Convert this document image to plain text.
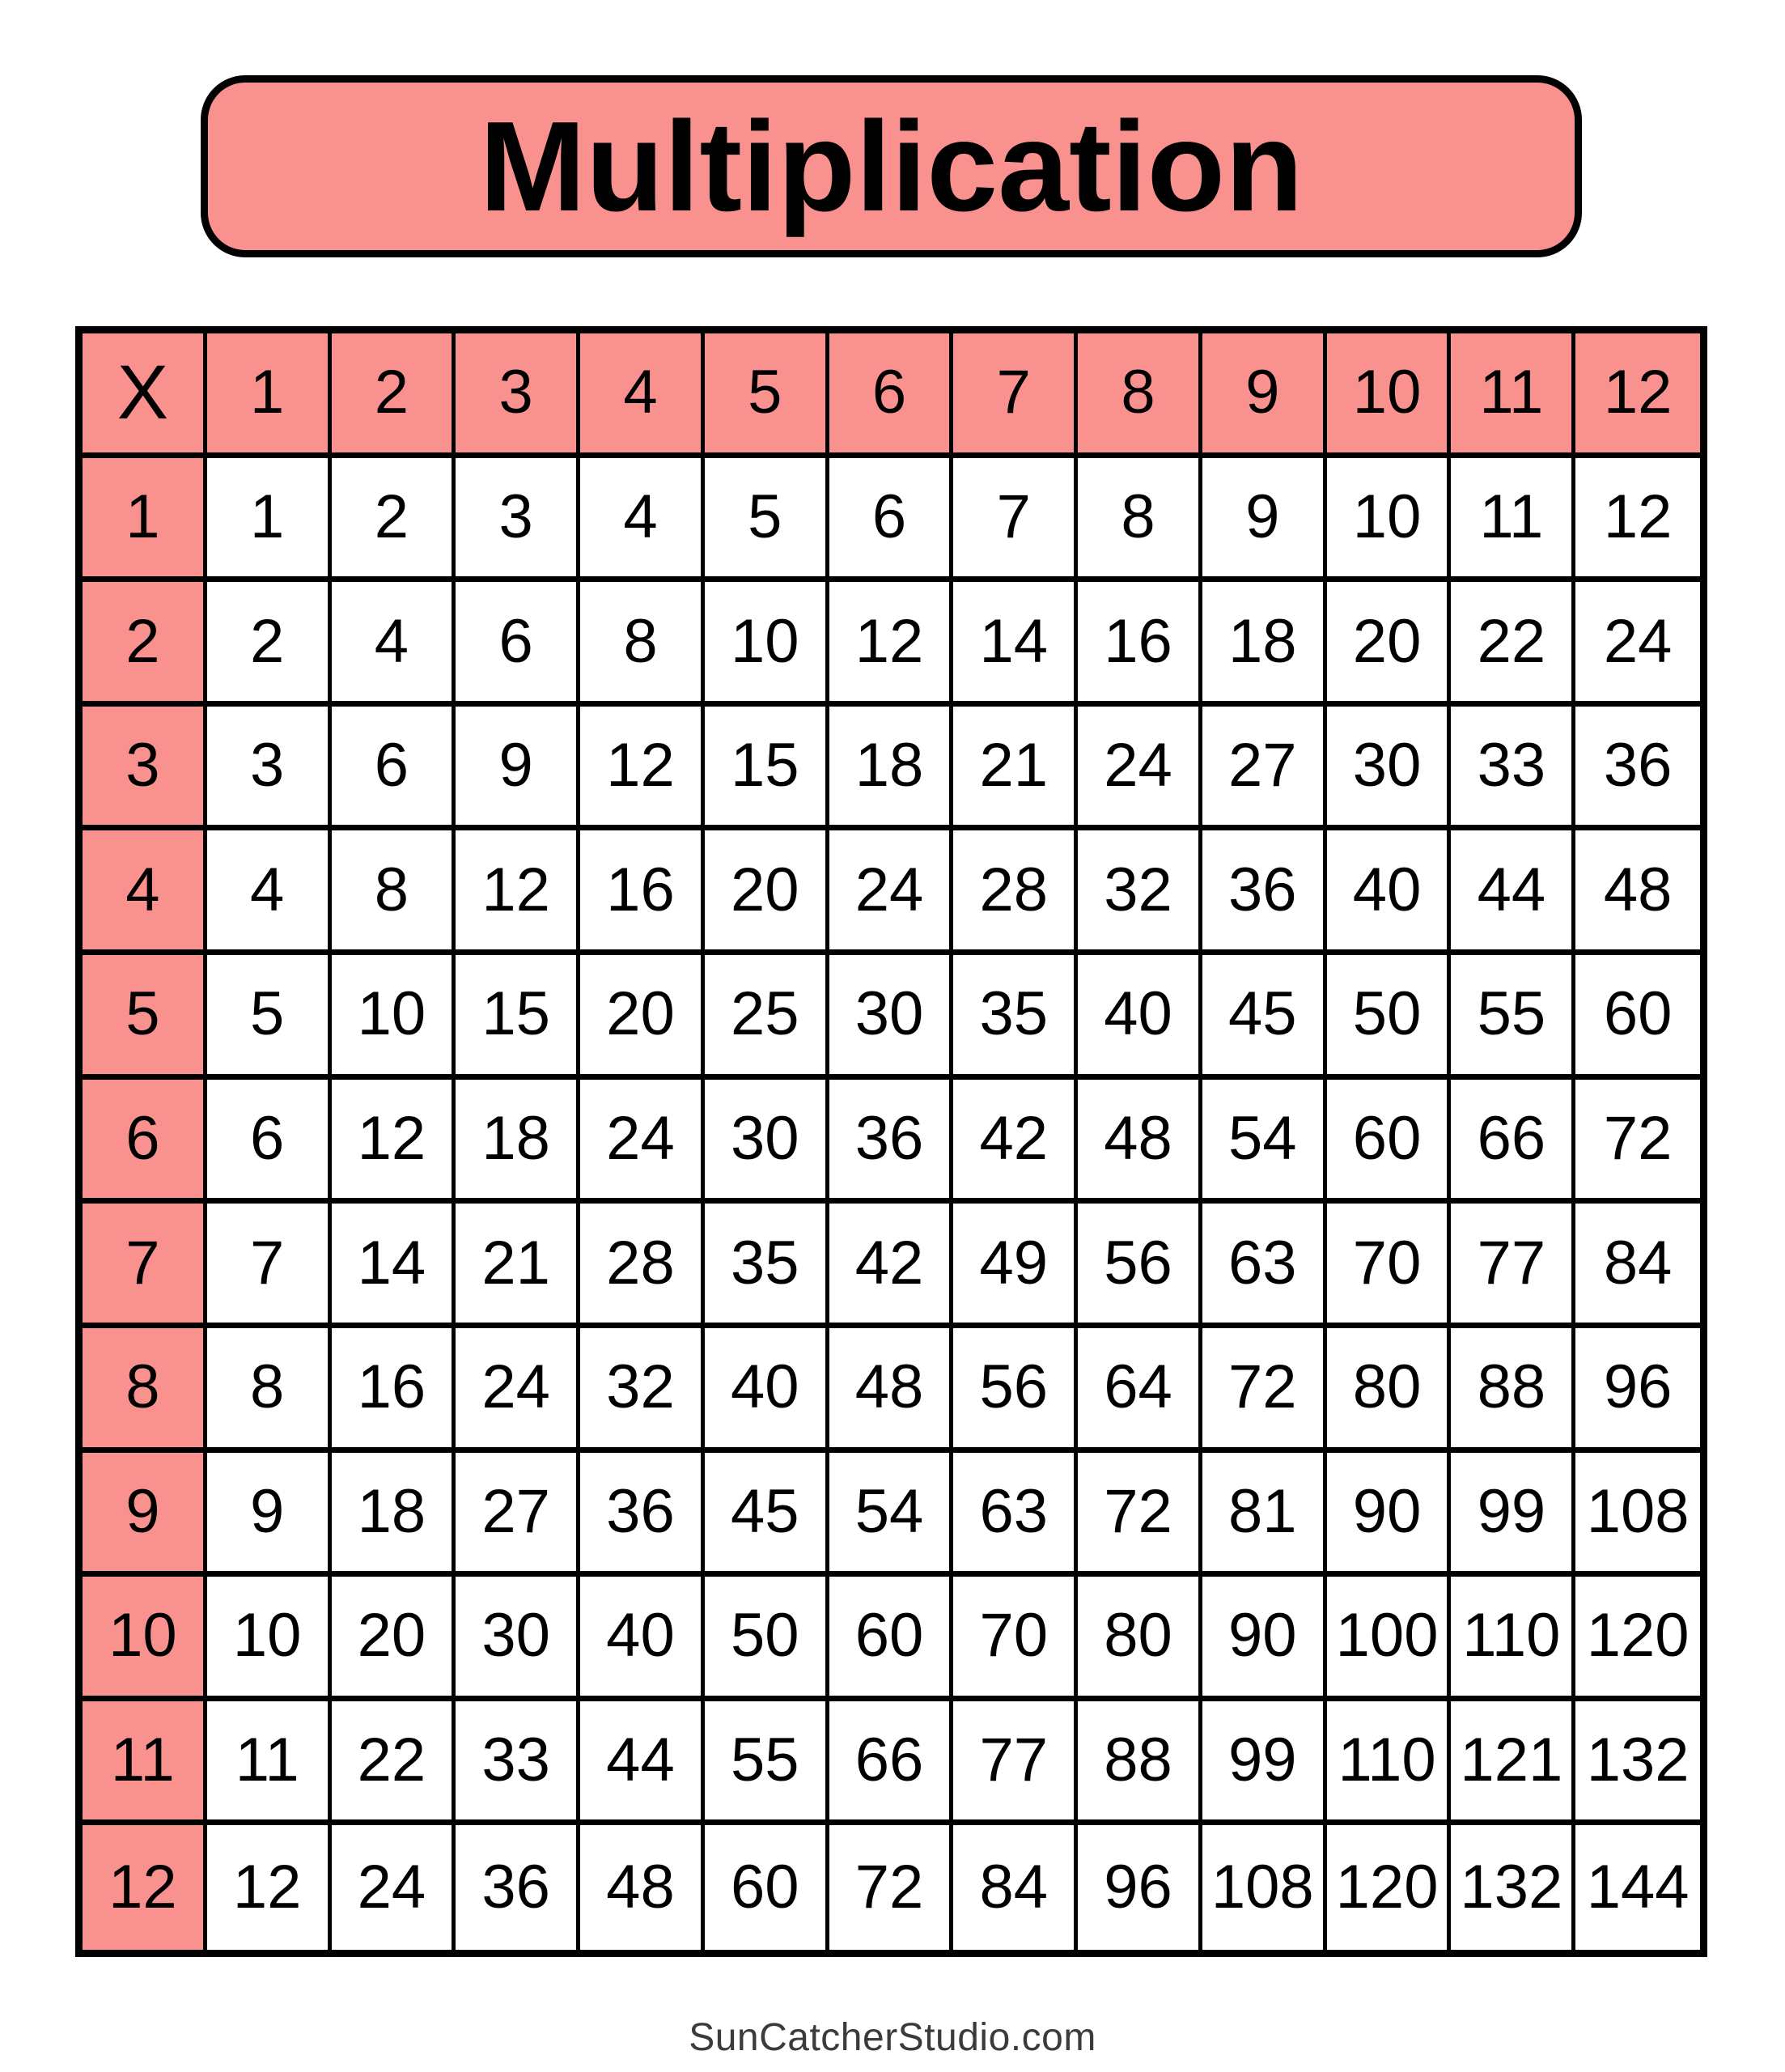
Multiplication
X	1	2	3	4	5	6	7	8	9	10 11 12
1	1	2	3	4	5	6	7	8	9	10 11 12
2	2	4	6	8	10 12 14 16 18 20 22 24
3	3	6	9	12 15 18 21 24 27 30 33 36
4	4	8	12 16 20 24 28 32 36 40 44 48
5	5	10 15 20 25 30 35 40 45 50 55 60
6	6	12 18 24 30 36 42 48 54 60 66 72
7	7	14 21 28 35 42 49 56 63 70 77 84
8	8	16 24 32 40 48 56 64 72 80 88 96
9	9	18 27 36 45 54 63 72 81 90 99 108
10 10 20 30 40 50 60 70 80 90 100 110 120
11 11 22 33 44 55 66 77 88 99 110 121 132
12 12 24 36 48 60 72 84 96 108 120 132 144
SunCatcherStudio.com
